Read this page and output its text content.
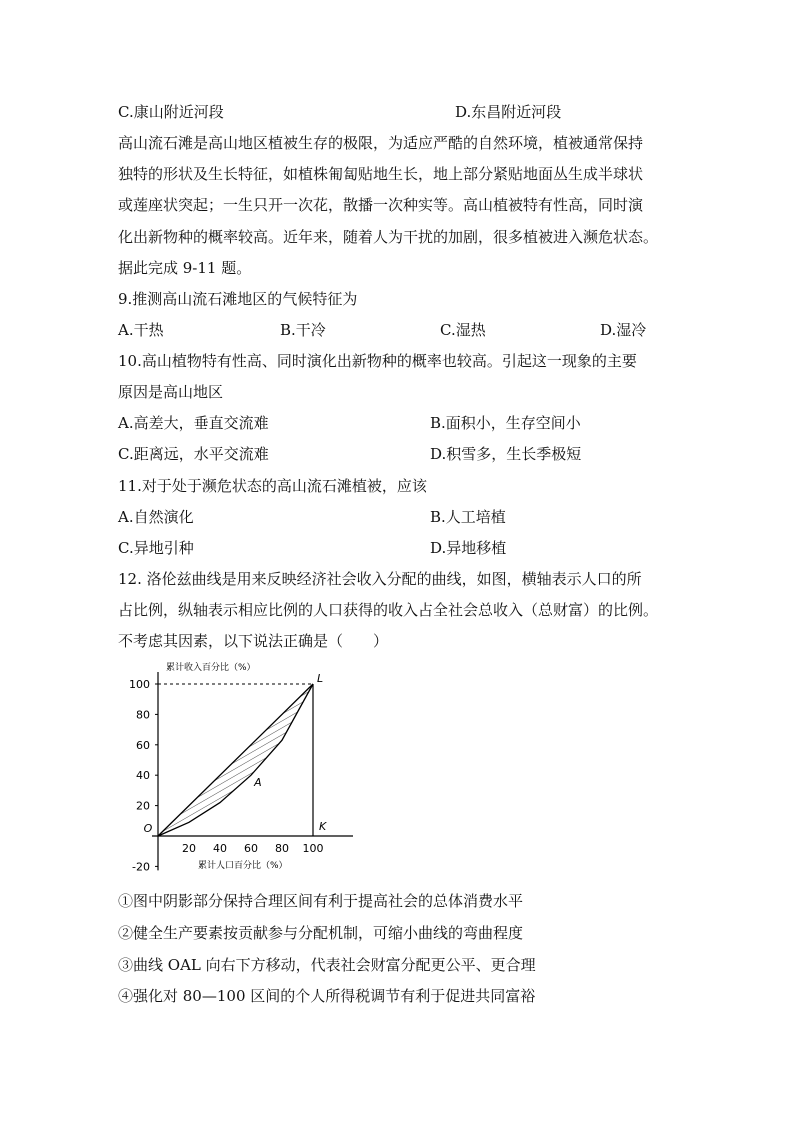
C.康山附近河段	D.东昌附近河段
高山流石滩是高山地区植被生存的极限，为适应严酷的自然环境，植被通常保持
独特的形状及生长特征，如植株匍匐贴地生长，地上部分紧贴地面丛生成半球状
或莲座状突起；一生只开一次花，散播一次种实等。高山植被特有性高，同时演
化出新物种的概率较高。近年来，随着人为干扰的加剧，很多植被进入濒危状态。
据此完成 9-11 题。
9.推测高山流石滩地区的气候特征为
A.干热	B.干冷	C.湿热	D.湿冷
10.高山植物特有性高、同时演化出新物种的概率也较高。引起这一现象的主要
原因是高山地区
A.高差大，垂直交流难	B.面积小，生存空间小
C.距离远，水平交流难	D.积雪多，生长季极短
11.对于处于濒危状态的高山流石滩植被，应该
A.自然演化	B.人工培植
C.异地引种	D.异地移植
12. 洛伦兹曲线是用来反映经济社会收入分配的曲线，如图，横轴表示人口的所
占比例，纵轴表示相应比例的人口获得的收入占全社会总收入（总财富）的比例。
不考虑其因素，以下说法正确是（　　）
-20
20
40
60
80
100
20 40 60 80 100
O
L
K
A
累计收入百分比（%）
累计人口百分比（%）
①图中阴影部分保持合理区间有利于提高社会的总体消费水平
②健全生产要素按贡献参与分配机制，可缩小曲线的弯曲程度
③曲线 OAL 向右下方移动，代表社会财富分配更公平、更合理
④强化对 80—100 区间的个人所得税调节有利于促进共同富裕
